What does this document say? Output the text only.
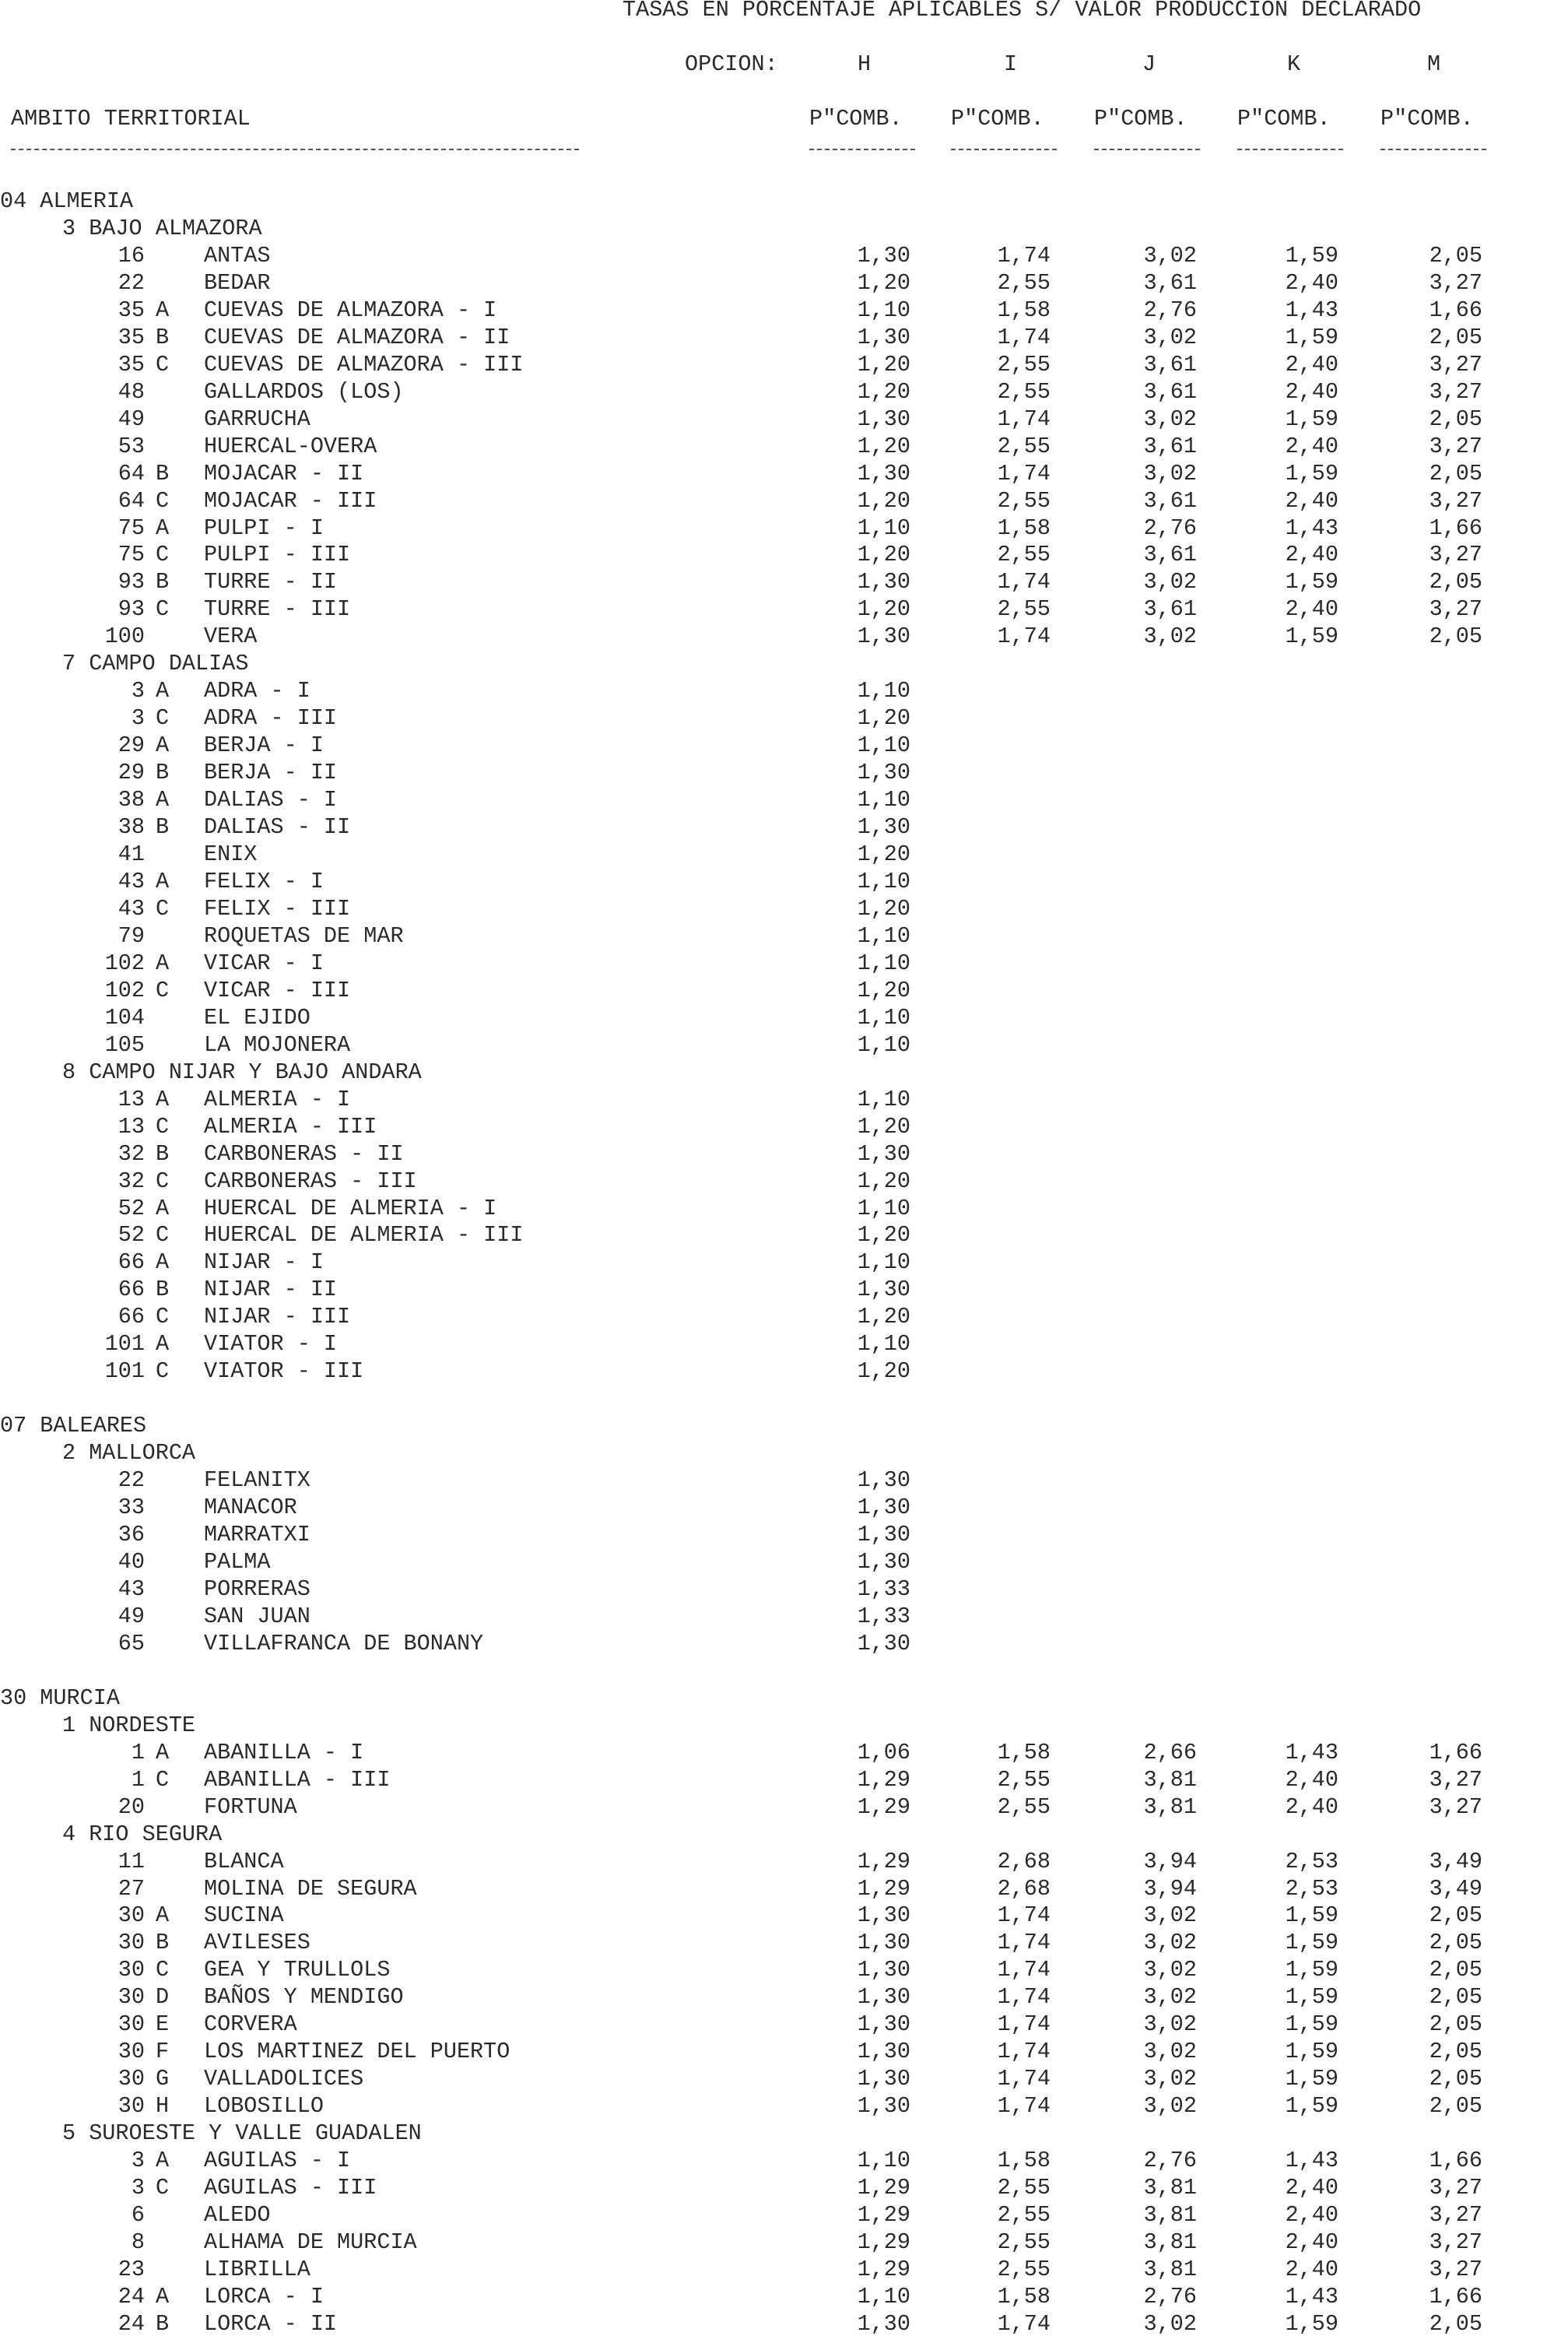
TASAS EN PORCENTAJE APLICABLES S/ VALOR PRODUCCION DECLARADO
OPCION:	H	I	J	K	M
AMBITO TERRITORIAL	P"COMB. P"COMB. P"COMB. P"COMB. P"COMB.
04 ALMERIA
3 BAJO ALMAZORA
16	ANTAS	1,30	1,74	3,02	1,59	2,05
22	BEDAR	1,20	2,55	3,61	2,40	3,27
35 A CUEVAS DE ALMAZORA - I	1,10	1,58	2,76	1,43	1,66
35 B CUEVAS DE ALMAZORA - II	1,30	1,74	3,02	1,59	2,05
35 C CUEVAS DE ALMAZORA - III	1,20	2,55	3,61	2,40	3,27
48	GALLARDOS (LOS)	1,20	2,55	3,61	2,40	3,27
49	GARRUCHA	1,30	1,74	3,02	1,59	2,05
53	HUERCAL-OVERA	1,20	2,55	3,61	2,40	3,27
64 B MOJACAR - II	1,30	1,74	3,02	1,59	2,05
64 C MOJACAR - III	1,20	2,55	3,61	2,40	3,27
75 A PULPI - I	1,10	1,58	2,76	1,43	1,66
75 C PULPI - III	1,20	2,55	3,61	2,40	3,27
93 B TURRE - II	1,30	1,74	3,02	1,59	2,05
93 C TURRE - III	1,20	2,55	3,61	2,40	3,27
100	VERA	1,30	1,74	3,02	1,59	2,05
7 CAMPO DALIAS
3 A ADRA - I	1,10
3 C ADRA - III	1,20
29 A BERJA - I	1,10
29 B BERJA - II	1,30
38 A DALIAS - I	1,10
38 B DALIAS - II	1,30
41	ENIX	1,20
43 A FELIX - I	1,10
43 C FELIX - III	1,20
79	ROQUETAS DE MAR	1,10
102 A VICAR - I	1,10
102 C VICAR - III	1,20
104	EL EJIDO	1,10
105	LA MOJONERA	1,10
8 CAMPO NIJAR Y BAJO ANDARA
13 A ALMERIA - I	1,10
13 C ALMERIA - III	1,20
32 B CARBONERAS - II	1,30
32 C CARBONERAS - III	1,20
52 A HUERCAL DE ALMERIA - I	1,10
52 C HUERCAL DE ALMERIA - III	1,20
66 A NIJAR - I	1,10
66 B NIJAR - II	1,30
66 C NIJAR - III	1,20
101 A VIATOR - I	1,10
101 C VIATOR - III	1,20
07 BALEARES
2 MALLORCA
22	FELANITX	1,30
33	MANACOR	1,30
36	MARRATXI	1,30
40	PALMA	1,30
43	PORRERAS	1,33
49	SAN JUAN	1,33
65	VILLAFRANCA DE BONANY	1,30
30 MURCIA
1 NORDESTE
1 A ABANILLA - I	1,06	1,58	2,66	1,43	1,66
1 C ABANILLA - III	1,29	2,55	3,81	2,40	3,27
20	FORTUNA	1,29	2,55	3,81	2,40	3,27
4 RIO SEGURA
11	BLANCA	1,29	2,68	3,94	2,53	3,49
27	MOLINA DE SEGURA	1,29	2,68	3,94	2,53	3,49
30 A SUCINA	1,30	1,74	3,02	1,59	2,05
30 B AVILESES	1,30	1,74	3,02	1,59	2,05
30 C GEA Y TRULLOLS	1,30	1,74	3,02	1,59	2,05
30 D BAÑOS Y MENDIGO	1,30	1,74	3,02	1,59	2,05
30 E CORVERA	1,30	1,74	3,02	1,59	2,05
30 F LOS MARTINEZ DEL PUERTO	1,30	1,74	3,02	1,59	2,05
30 G VALLADOLICES	1,30	1,74	3,02	1,59	2,05
30 H LOBOSILLO	1,30	1,74	3,02	1,59	2,05
5 SUROESTE Y VALLE GUADALEN
3 A AGUILAS - I	1,10	1,58	2,76	1,43	1,66
3 C AGUILAS - III	1,29	2,55	3,81	2,40	3,27
6	ALEDO	1,29	2,55	3,81	2,40	3,27
8	ALHAMA DE MURCIA	1,29	2,55	3,81	2,40	3,27
23	LIBRILLA	1,29	2,55	3,81	2,40	3,27
24 A LORCA - I	1,10	1,58	2,76	1,43	1,66
24 B LORCA - II	1,30	1,74	3,02	1,59	2,05
